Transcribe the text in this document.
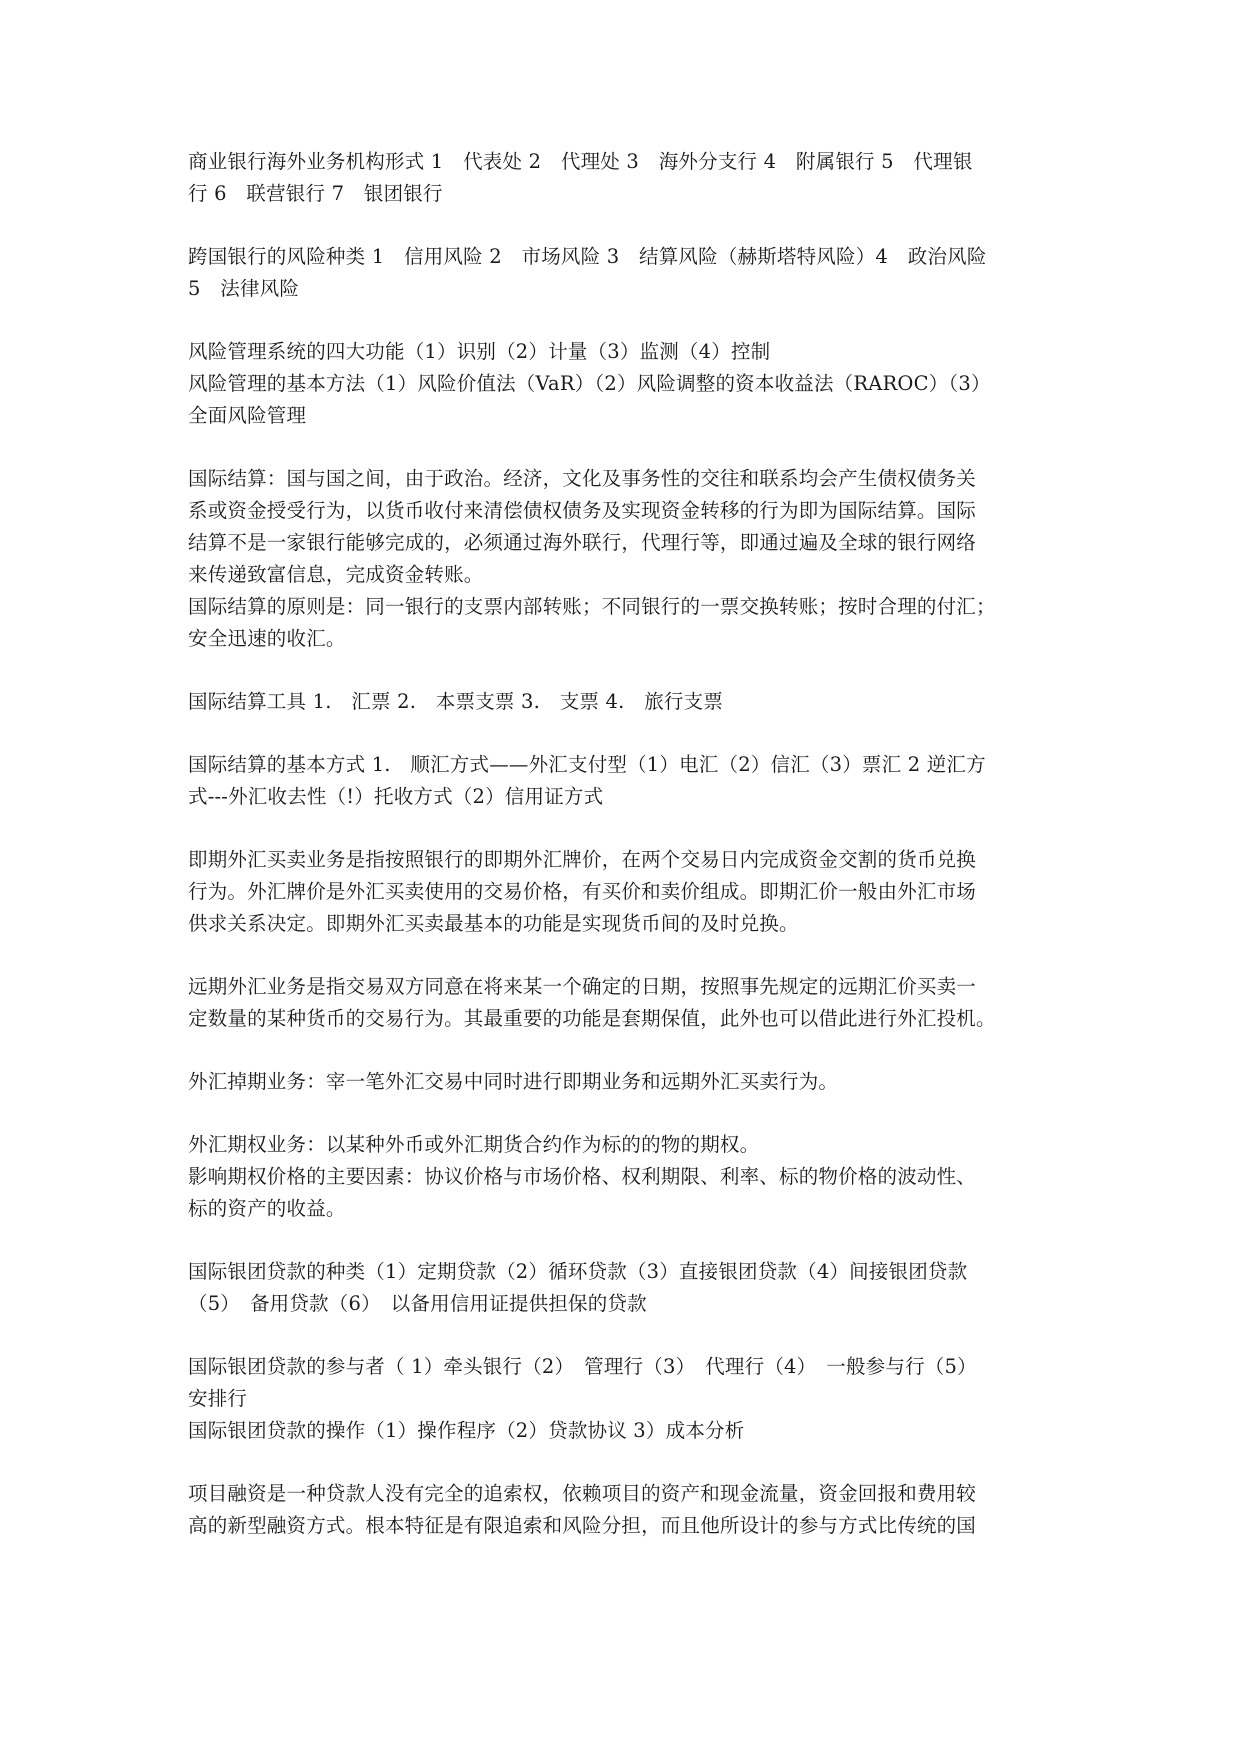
商业银行海外业务机构形式 1　代表处 2　代理处 3　海外分支行 4　附属银行 5　代理银
行 6　联营银行 7　银团银行
跨国银行的风险种类 1　信用风险 2　市场风险 3　结算风险（赫斯塔特风险）4　政治风险
5　法律风险
风险管理系统的四大功能（1）识别（2）计量（3）监测（4）控制
风险管理的基本方法（1）风险价值法（VaR）（2）风险调整的资本收益法（RAROC）（3）
全面风险管理
国际结算：国与国之间，由于政治。经济，文化及事务性的交往和联系均会产生债权债务关
系或资金授受行为，以货币收付来清偿债权债务及实现资金转移的行为即为国际结算。国际
结算不是一家银行能够完成的，必须通过海外联行，代理行等，即通过遍及全球的银行网络
来传递致富信息，完成资金转账。
国际结算的原则是：同一银行的支票内部转账；不同银行的一票交换转账；按时合理的付汇；
安全迅速的收汇。
国际结算工具 1.　汇票 2.　本票支票 3.　支票 4.　旅行支票
国际结算的基本方式 1.　顺汇方式——外汇支付型（1）电汇（2）信汇（3）票汇 2 逆汇方
式---外汇收去性（!）托收方式（2）信用证方式
即期外汇买卖业务是指按照银行的即期外汇牌价，在两个交易日内完成资金交割的货币兑换
行为。外汇牌价是外汇买卖使用的交易价格，有买价和卖价组成。即期汇价一般由外汇市场
供求关系决定。即期外汇买卖最基本的功能是实现货币间的及时兑换。
远期外汇业务是指交易双方同意在将来某一个确定的日期，按照事先规定的远期汇价买卖一
定数量的某种货币的交易行为。其最重要的功能是套期保值，此外也可以借此进行外汇投机。
外汇掉期业务：宰一笔外汇交易中同时进行即期业务和远期外汇买卖行为。
外汇期权业务：以某种外币或外汇期货合约作为标的的物的期权。
影响期权价格的主要因素：协议价格与市场价格、权利期限、利率、标的物价格的波动性、
标的资产的收益。
国际银团贷款的种类（1）定期贷款（2）循环贷款（3）直接银团贷款（4）间接银团贷款
（5）　备用贷款（6）　以备用信用证提供担保的贷款
国际银团贷款的参与者（ 1）牵头银行（2）　管理行（3）　代理行（4）　一般参与行（5）
安排行
国际银团贷款的操作（1）操作程序（2）贷款协议 3）成本分析
项目融资是一种贷款人没有完全的追索权，依赖项目的资产和现金流量，资金回报和费用较
高的新型融资方式。根本特征是有限追索和风险分担，而且他所设计的参与方式比传统的国
